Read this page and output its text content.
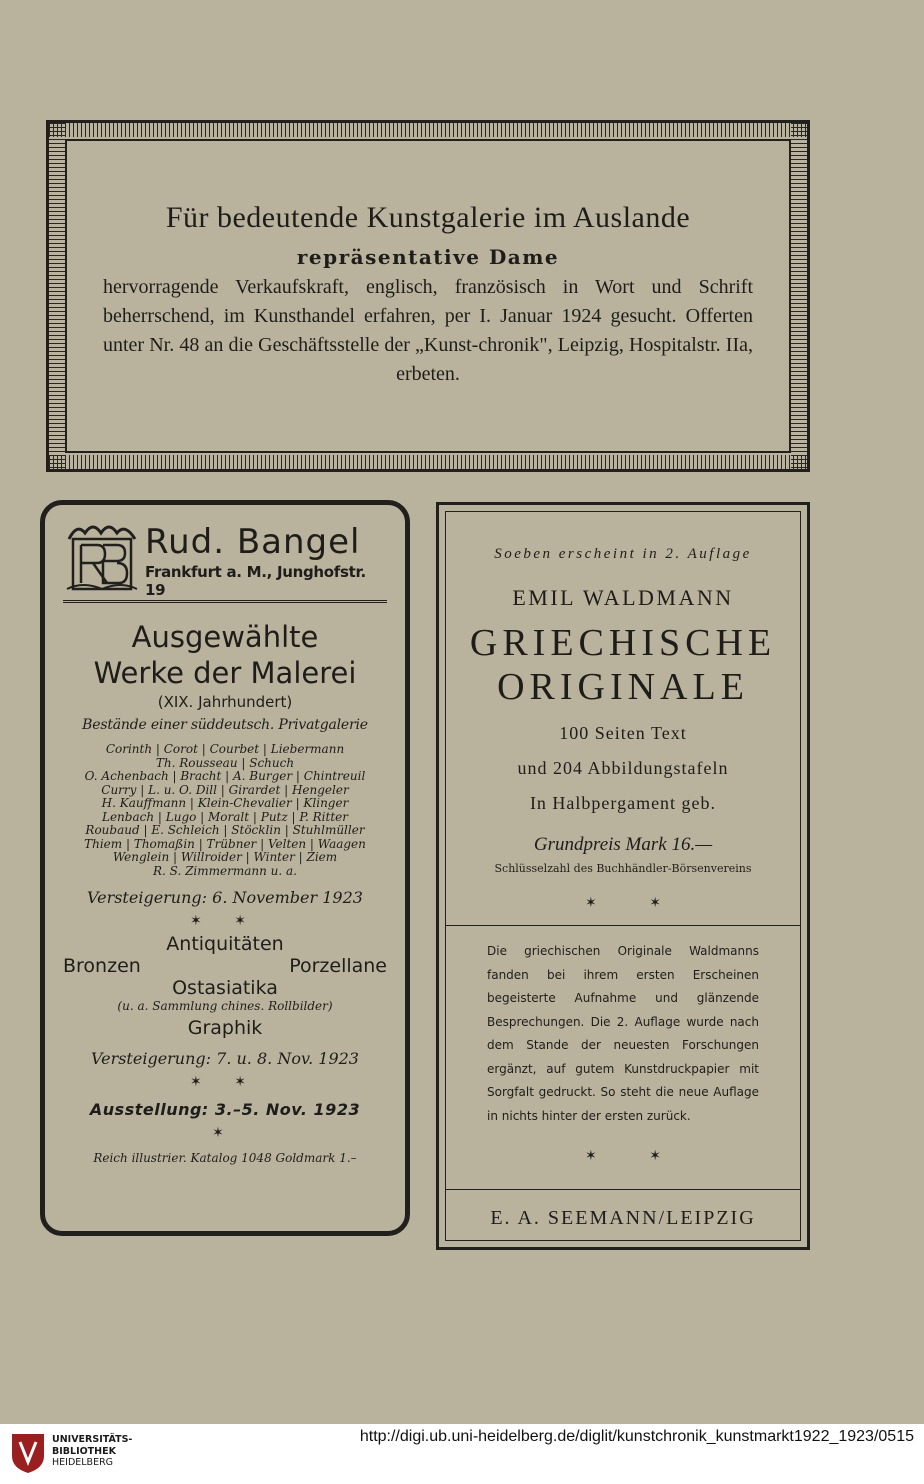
Für bedeutende Kunstgalerie im Auslande
repräsentative Dame
hervorragende Verkaufskraft, englisch, französisch in Wort und Schrift beherrschend, im Kunsthandel erfahren, per I. Januar 1924 gesucht. Offerten unter Nr. 48 an die Geschäftsstelle der „Kunst-chronik", Leipzig, Hospitalstr. IIa, erbeten.
Rud. Bangel
Frankfurt a. M., Junghofstr. 19
Ausgewählte
Werke der Malerei
(XIX. Jahrhundert)
Bestände einer süddeutsch. Privatgalerie
Corinth | Corot | Courbet | Liebermann
Th. Rousseau | Schuch
O. Achenbach | Bracht | A. Burger | Chintreuil
Curry | L. u. O. Dill | Girardet | Hengeler
H. Kauffmann | Klein-Chevalier | Klinger
Lenbach | Lugo | Moralt | Putz | P. Ritter
Roubaud | E. Schleich | Stöcklin | Stuhlmüller
Thiem | Thomaßin | Trübner | Velten | Waagen
Wenglein | Willroider | Winter | Ziem
R. S. Zimmermann u. a.
Versteigerung: 6. November 1923
✶ ✶
Antiquitäten
Bronzen	Porzellane
Ostasiatika
(u. a. Sammlung chines. Rollbilder)
Graphik
Versteigerung: 7. u. 8. Nov. 1923
✶ ✶
Ausstellung: 3.–5. Nov. 1923
✶
Reich illustrier. Katalog 1048 Goldmark 1.–
Soeben erscheint in 2. Auflage
EMIL WALDMANN
GRIECHISCHE
ORIGINALE
100 Seiten Text
und 204 Abbildungstafeln
In Halbpergament geb.
Grundpreis Mark 16.—
Schlüsselzahl des Buchhändler-Börsenvereins
✶ ✶
Die griechischen Originale Waldmanns fanden bei ihrem ersten Erscheinen begeisterte Aufnahme und glänzende Besprechungen. Die 2. Auflage wurde nach dem Stande der neuesten Forschungen ergänzt, auf gutem Kunstdruckpapier mit Sorgfalt gedruckt. So steht die neue Auflage in nichts hinter der ersten zurück.
✶ ✶
E. A. SEEMANN/LEIPZIG
UNIVERSITÄTS-
BIBLIOTHEK
HEIDELBERG
http://digi.ub.uni-heidelberg.de/diglit/kunstchronik_kunstmarkt1922_1923/0515
